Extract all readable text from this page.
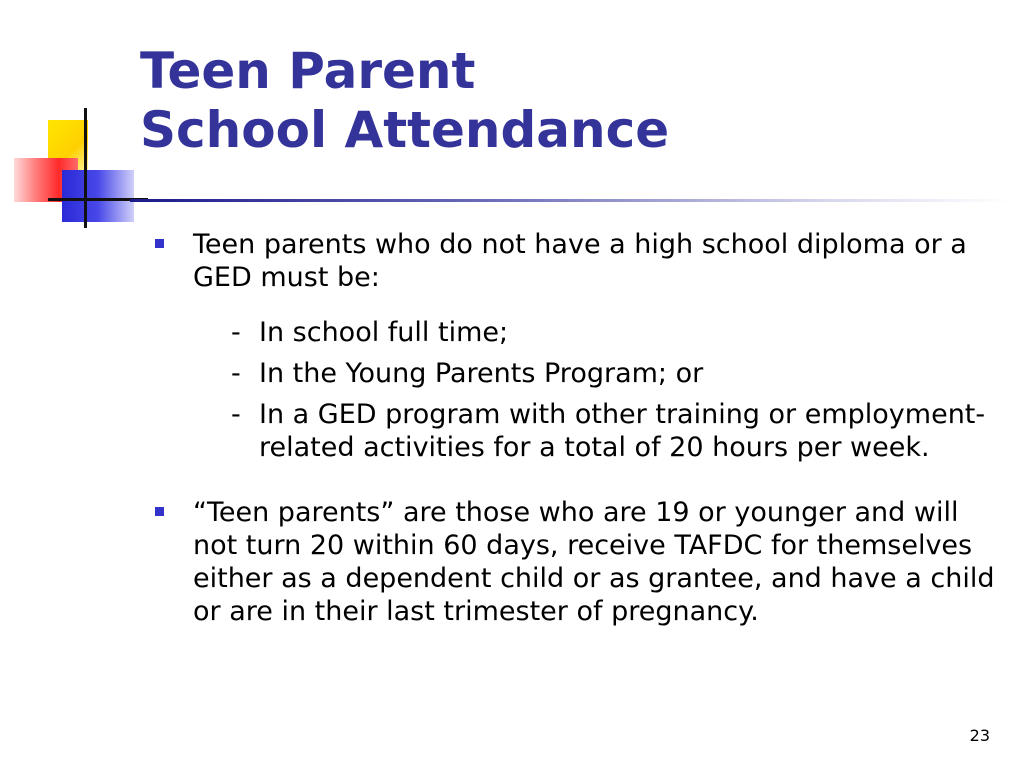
Teen Parent
School Attendance
Teen parents who do not have a high school diploma or a GED must be:
- In school full time;
- In the Young Parents Program; or
- In a GED program with other training or employment-related activities for a total of 20 hours per week.
“Teen parents” are those who are 19 or younger and will not turn 20 within 60 days, receive TAFDC for themselves either as a dependent child or as grantee, and have a child or are in their last trimester of pregnancy.
23
